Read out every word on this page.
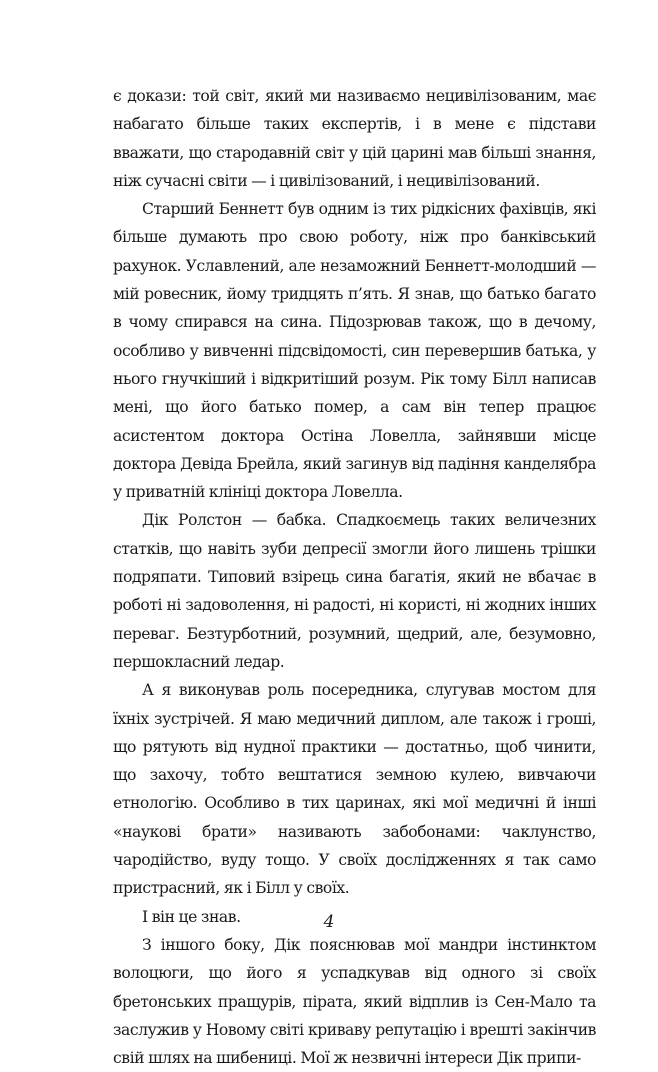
є докази: той світ, який ми називаємо нецивілізованим, має набагато більше таких експертів, і в мене є підстави вважати, що стародавній світ у цій царині мав більші знання, ніж сучасні світи — і цивілізований, і нецивілізований.

Старший Беннетт був одним із тих рідкісних фахівців, які більше думають про свою роботу, ніж про банківський рахунок. Уславлений, але незаможний Беннетт-молодший — мій ровесник, йому тридцять п’ять. Я знав, що батько багато в чому спирався на сина. Підозрював також, що в дечому, особливо у вивченні підсвідомості, син перевершив батька, у нього гнучкіший і відкритіший розум. Рік тому Білл написав мені, що його батько помер, а сам він тепер працює асистентом доктора Остіна Ловелла, зайнявши місце доктора Девіда Брейла, який загинув від падіння канделябра у приватній клініці доктора Ловелла.

Дік Ролстон — бабка. Спадкоємець таких величезних статків, що навіть зуби депресії змогли його лишень трішки подряпати. Типовий взірець сина багатія, який не вбачає в роботі ні задоволення, ні радості, ні користі, ні жодних інших переваг. Безтурботний, розумний, щедрий, але, безумовно, першокласний ледар.

А я виконував роль посередника, слугував мостом для їхніх зустрічей. Я маю медичний диплом, але також і гроші, що рятують від нудної практики — достатньо, щоб чинити, що захочу, тобто вештатися земною кулею, вивчаючи етнологію. Особливо в тих царинах, які мої медичні й інші «наукові брати» називають забобонами: чаклунство, чародійство, вуду тощо. У своїх дослідженнях я так само пристрасний, як і Білл у своїх.

І він це знав.

З іншого боку, Дік пояснював мої мандри інстинктом волоцюги, що його я успадкував від одного зі своїх бретонських пращурів, пірата, який відплив із Сен-Мало та заслужив у Новому світі криваву репутацію і врешті закінчив свій шлях на шибениці. Мої ж незвичні інтереси Дік припи-

4
